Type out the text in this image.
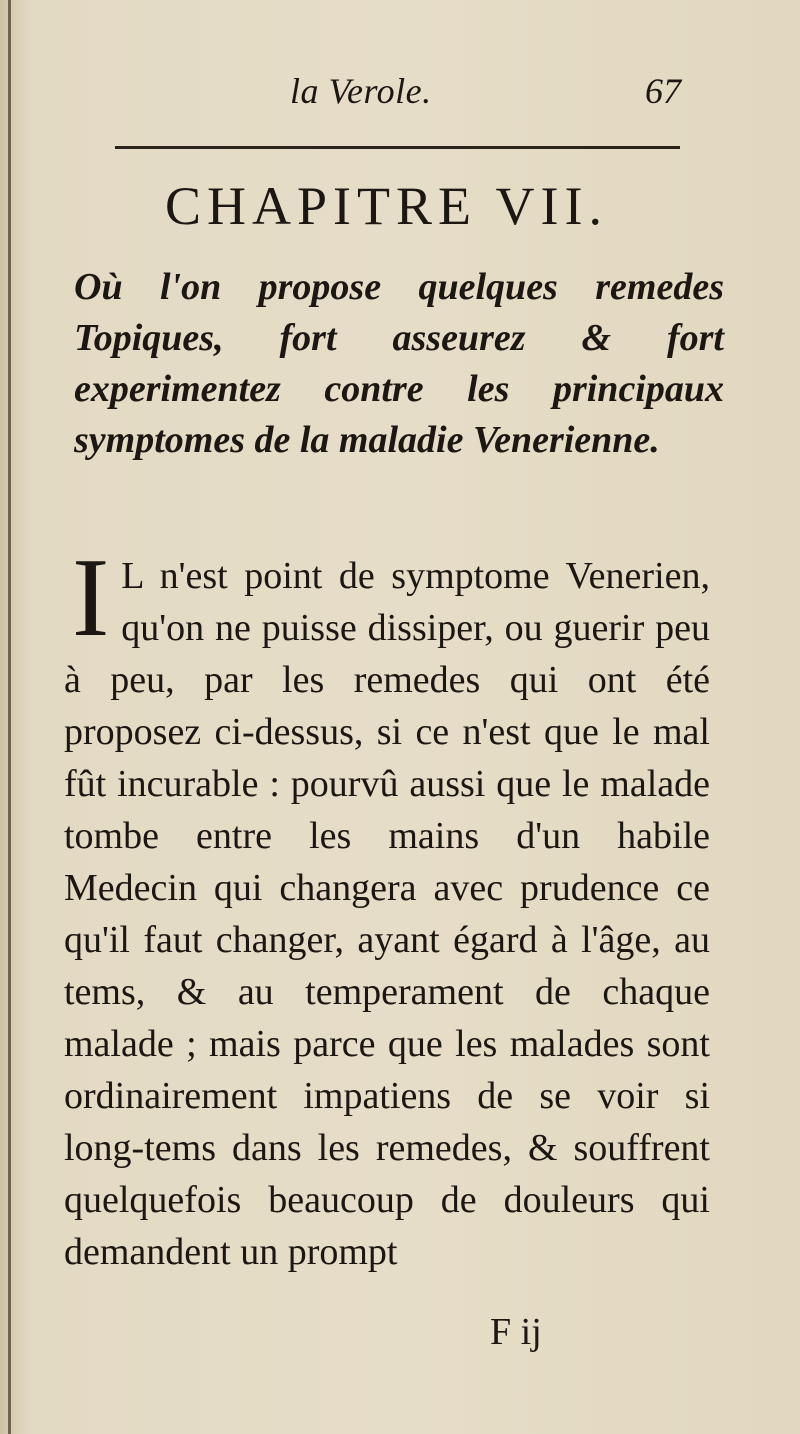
la Verole.	67
CHAPITRE VII.
Où l'on propose quelques remedes Topiques, fort asseurez & fort experimentez contre les principaux symptomes de la maladie Venerienne.
I L n'est point de symptome Venerien, qu'on ne puisse dissiper, ou guerir peu à peu, par les remedes qui ont été proposez ci-dessus, si ce n'est que le mal fût incurable : pourvû aussi que le malade tombe entre les mains d'un habile Medecin qui changera avec prudence ce qu'il faut changer, ayant égard à l'âge, au tems, & au temperament de chaque malade ; mais parce que les malades sont ordinairement impatiens de se voir si long-tems dans les remedes, & souffrent quelquefois beaucoup de douleurs qui demandent un prompt
F ij
